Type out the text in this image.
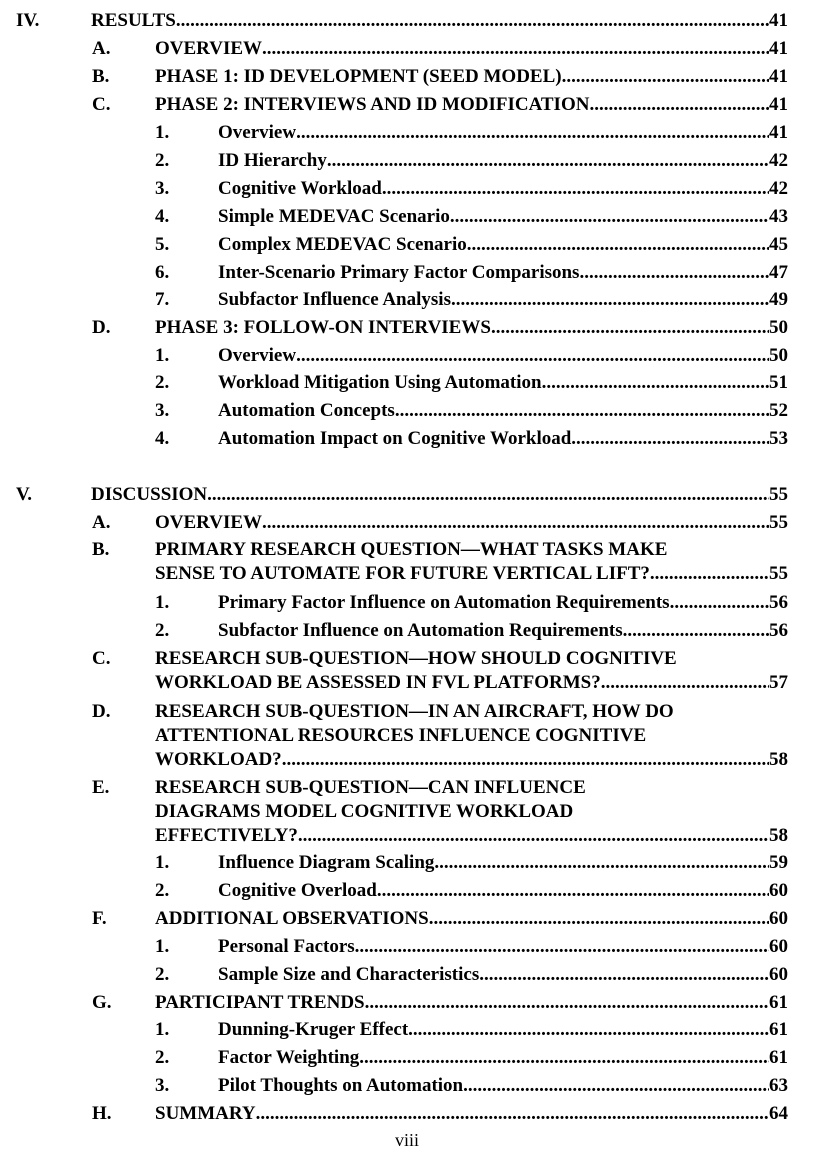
IV.	RESULTS .....	41
A. OVERVIEW .....	41
B. PHASE 1: ID DEVELOPMENT (SEED MODEL) .....	41
C. PHASE 2: INTERVIEWS AND ID MODIFICATION .....	41
1.	Overview .....	41
2.	ID Hierarchy .....	42
3.	Cognitive Workload .....	42
4.	Simple MEDEVAC Scenario .....	43
5.	Complex MEDEVAC Scenario .....	45
6.	Inter-Scenario Primary Factor Comparisons .....	47
7.	Subfactor Influence Analysis .....	49
D. PHASE 3: FOLLOW-ON INTERVIEWS .....	50
1.	Overview .....	50
2.	Workload Mitigation Using Automation .....	51
3.	Automation Concepts .....	52
4.	Automation Impact on Cognitive Workload .....	53
V.	DISCUSSION .....	55
A. OVERVIEW .....	55
B. PRIMARY RESEARCH QUESTION—WHAT TASKS MAKE
SENSE TO AUTOMATE FOR FUTURE VERTICAL LIFT? .....	55
1.	Primary Factor Influence on Automation Requirements .....	56
2.	Subfactor Influence on Automation Requirements .....	56
C. RESEARCH SUB-QUESTION—HOW SHOULD COGNITIVE
WORKLOAD BE ASSESSED IN FVL PLATFORMS? .....	57
D. RESEARCH SUB-QUESTION—IN AN AIRCRAFT, HOW DO
ATTENTIONAL RESOURCES INFLUENCE COGNITIVE
WORKLOAD? .....	58
E. RESEARCH SUB-QUESTION—CAN INFLUENCE
DIAGRAMS MODEL COGNITIVE WORKLOAD
EFFECTIVELY? .....	58
1.	Influence Diagram Scaling .....	59
2.	Cognitive Overload .....	60
F.	ADDITIONAL OBSERVATIONS .....	60
1.	Personal Factors .....	60
2.	Sample Size and Characteristics .....	60
G. PARTICIPANT TRENDS .....	61
1.	Dunning-Kruger Effect .....	61
2.	Factor Weighting .....	61
3.	Pilot Thoughts on Automation .....	63
H. SUMMARY .....	64
viii
